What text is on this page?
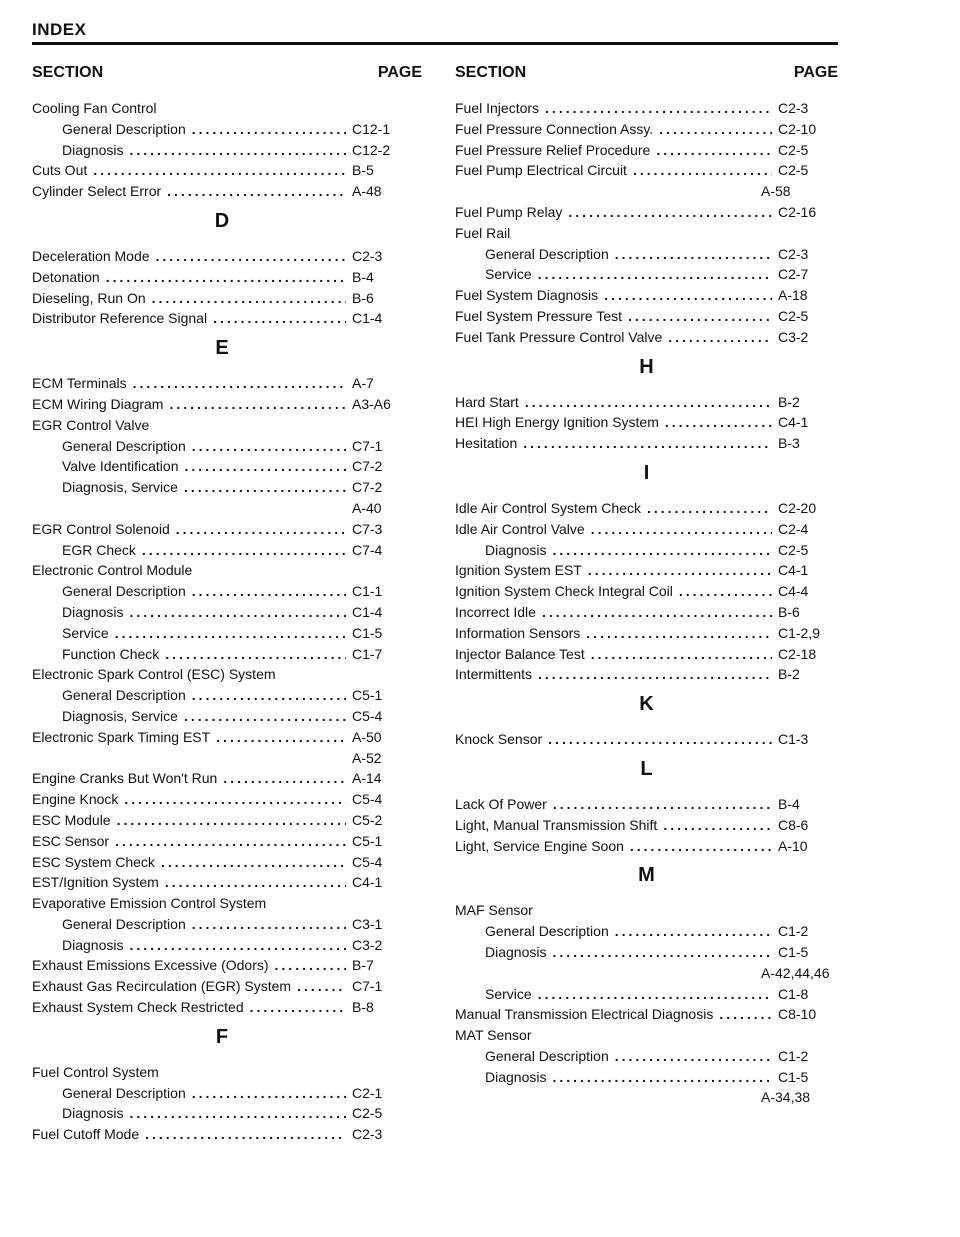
INDEX
SECTION	PAGE
Cooling Fan Control
General Description .....	C12-1
Diagnosis .....	C12-2
Cuts Out .....	B-5
Cylinder Select Error .....	A-48
D
Deceleration Mode .....	C2-3
Detonation .....	B-4
Dieseling, Run On .....	B-6
Distributor Reference Signal .....	C1-4
E
ECM Terminals .....	A-7
ECM Wiring Diagram .....	A3-A6
EGR Control Valve
General Description .....	C7-1
Valve Identification .....	C7-2
Diagnosis, Service .....	C7-2
A-40
EGR Control Solenoid .....	C7-3
EGR Check .....	C7-4
Electronic Control Module
General Description .....	C1-1
Diagnosis .....	C1-4
Service .....	C1-5
Function Check .....	C1-7
Electronic Spark Control (ESC) System
General Description .....	C5-1
Diagnosis, Service .....	C5-4
Electronic Spark Timing EST .....	A-50
A-52
Engine Cranks But Won't Run .....	A-14
Engine Knock .....	C5-4
ESC Module .....	C5-2
ESC Sensor .....	C5-1
ESC System Check .....	C5-4
EST/Ignition System .....	C4-1
Evaporative Emission Control System
General Description .....	C3-1
Diagnosis .....	C3-2
Exhaust Emissions Excessive (Odors) .....	B-7
Exhaust Gas Recirculation (EGR) System .....	C7-1
Exhaust System Check Restricted .....	B-8
F
Fuel Control System
General Description .....	C2-1
Diagnosis .....	C2-5
Fuel Cutoff Mode .....	C2-3
SECTION	PAGE
Fuel Injectors .....	C2-3
Fuel Pressure Connection Assy. .....	C2-10
Fuel Pressure Relief Procedure .....	C2-5
Fuel Pump Electrical Circuit .....	C2-5
A-58
Fuel Pump Relay .....	C2-16
Fuel Rail
General Description .....	C2-3
Service .....	C2-7
Fuel System Diagnosis .....	A-18
Fuel System Pressure Test .....	C2-5
Fuel Tank Pressure Control Valve .....	C3-2
H
Hard Start .....	B-2
HEI High Energy Ignition System .....	C4-1
Hesitation .....	B-3
I
Idle Air Control System Check .....	C2-20
Idle Air Control Valve .....	C2-4
Diagnosis .....	C2-5
Ignition System EST .....	C4-1
Ignition System Check Integral Coil .....	C4-4
Incorrect Idle .....	B-6
Information Sensors .....	C1-2,9
Injector Balance Test .....	C2-18
Intermittents .....	B-2
K
Knock Sensor .....	C1-3
L
Lack Of Power .....	B-4
Light, Manual Transmission Shift .....	C8-6
Light, Service Engine Soon .....	A-10
M
MAF Sensor
General Description .....	C1-2
Diagnosis .....	C1-5
A-42,44,46
Service .....	C1-8
Manual Transmission Electrical Diagnosis .....	C8-10
MAT Sensor
General Description .....	C1-2
Diagnosis .....	C1-5
A-34,38
